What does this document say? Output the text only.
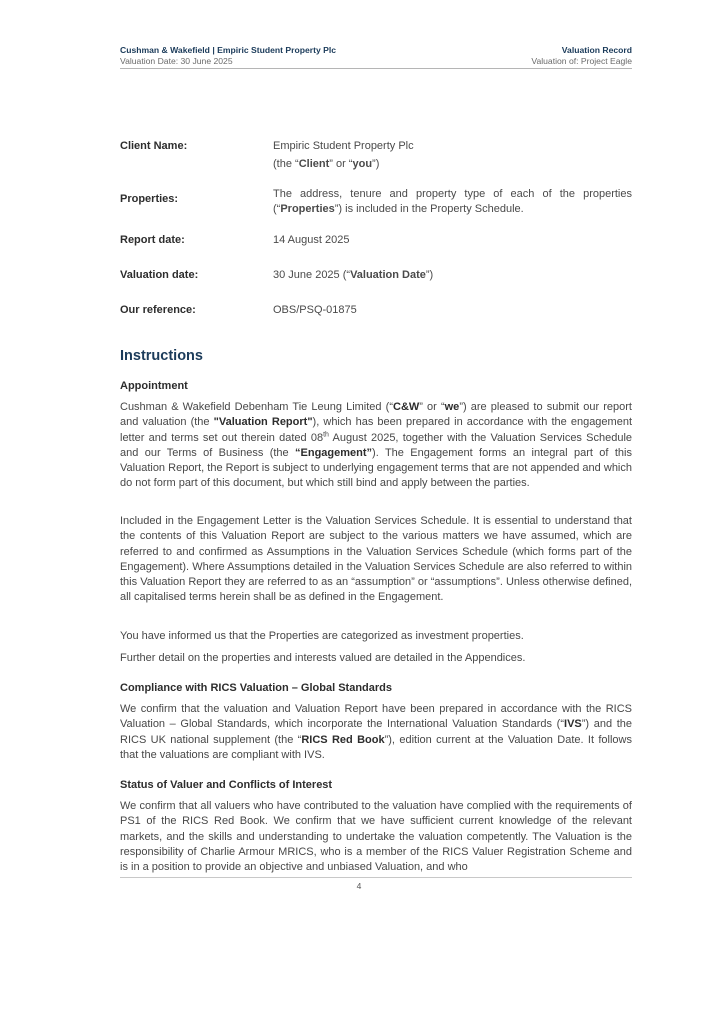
Cushman & Wakefield | Empiric Student Property Plc	Valuation Record
Valuation Date: 30 June 2025	Valuation of: Project Eagle
Client Name:	Empiric Student Property Plc
(the “Client” or “you”)
Properties:	The address, tenure and property type of each of the properties (“Properties”) is included in the Property Schedule.
Report date:	14 August 2025
Valuation date:	30 June 2025 (“Valuation Date”)
Our reference:	OBS/PSQ-01875
Instructions
Appointment

Cushman & Wakefield Debenham Tie Leung Limited (“C&W” or “we”) are pleased to submit our report and valuation (the "Valuation Report"), which has been prepared in accordance with the engagement letter and terms set out therein dated 08th August 2025, together with the Valuation Services Schedule and our Terms of Business (the “Engagement”). The Engagement forms an integral part of this Valuation Report, the Report is subject to underlying engagement terms that are not appended and which do not form part of this document, but which still bind and apply between the parties.

Included in the Engagement Letter is the Valuation Services Schedule. It is essential to understand that the contents of this Valuation Report are subject to the various matters we have assumed, which are referred to and confirmed as Assumptions in the Valuation Services Schedule (which forms part of the Engagement). Where Assumptions detailed in the Valuation Services Schedule are also referred to within this Valuation Report they are referred to as an “assumption” or “assumptions”. Unless otherwise defined, all capitalised terms herein shall be as defined in the Engagement.

You have informed us that the Properties are categorized as investment properties.

Further detail on the properties and interests valued are detailed in the Appendices.

Compliance with RICS Valuation – Global Standards

We confirm that the valuation and Valuation Report have been prepared in accordance with the RICS Valuation – Global Standards, which incorporate the International Valuation Standards (“IVS”) and the RICS UK national supplement (the “RICS Red Book”), edition current at the Valuation Date. It follows that the valuations are compliant with IVS.

Status of Valuer and Conflicts of Interest

We confirm that all valuers who have contributed to the valuation have complied with the requirements of PS1 of the RICS Red Book. We confirm that we have sufficient current knowledge of the relevant markets, and the skills and understanding to undertake the valuation competently. The Valuation is the responsibility of Charlie Armour MRICS, who is a member of the RICS Valuer Registration Scheme and is in a position to provide an objective and unbiased Valuation, and who

4
